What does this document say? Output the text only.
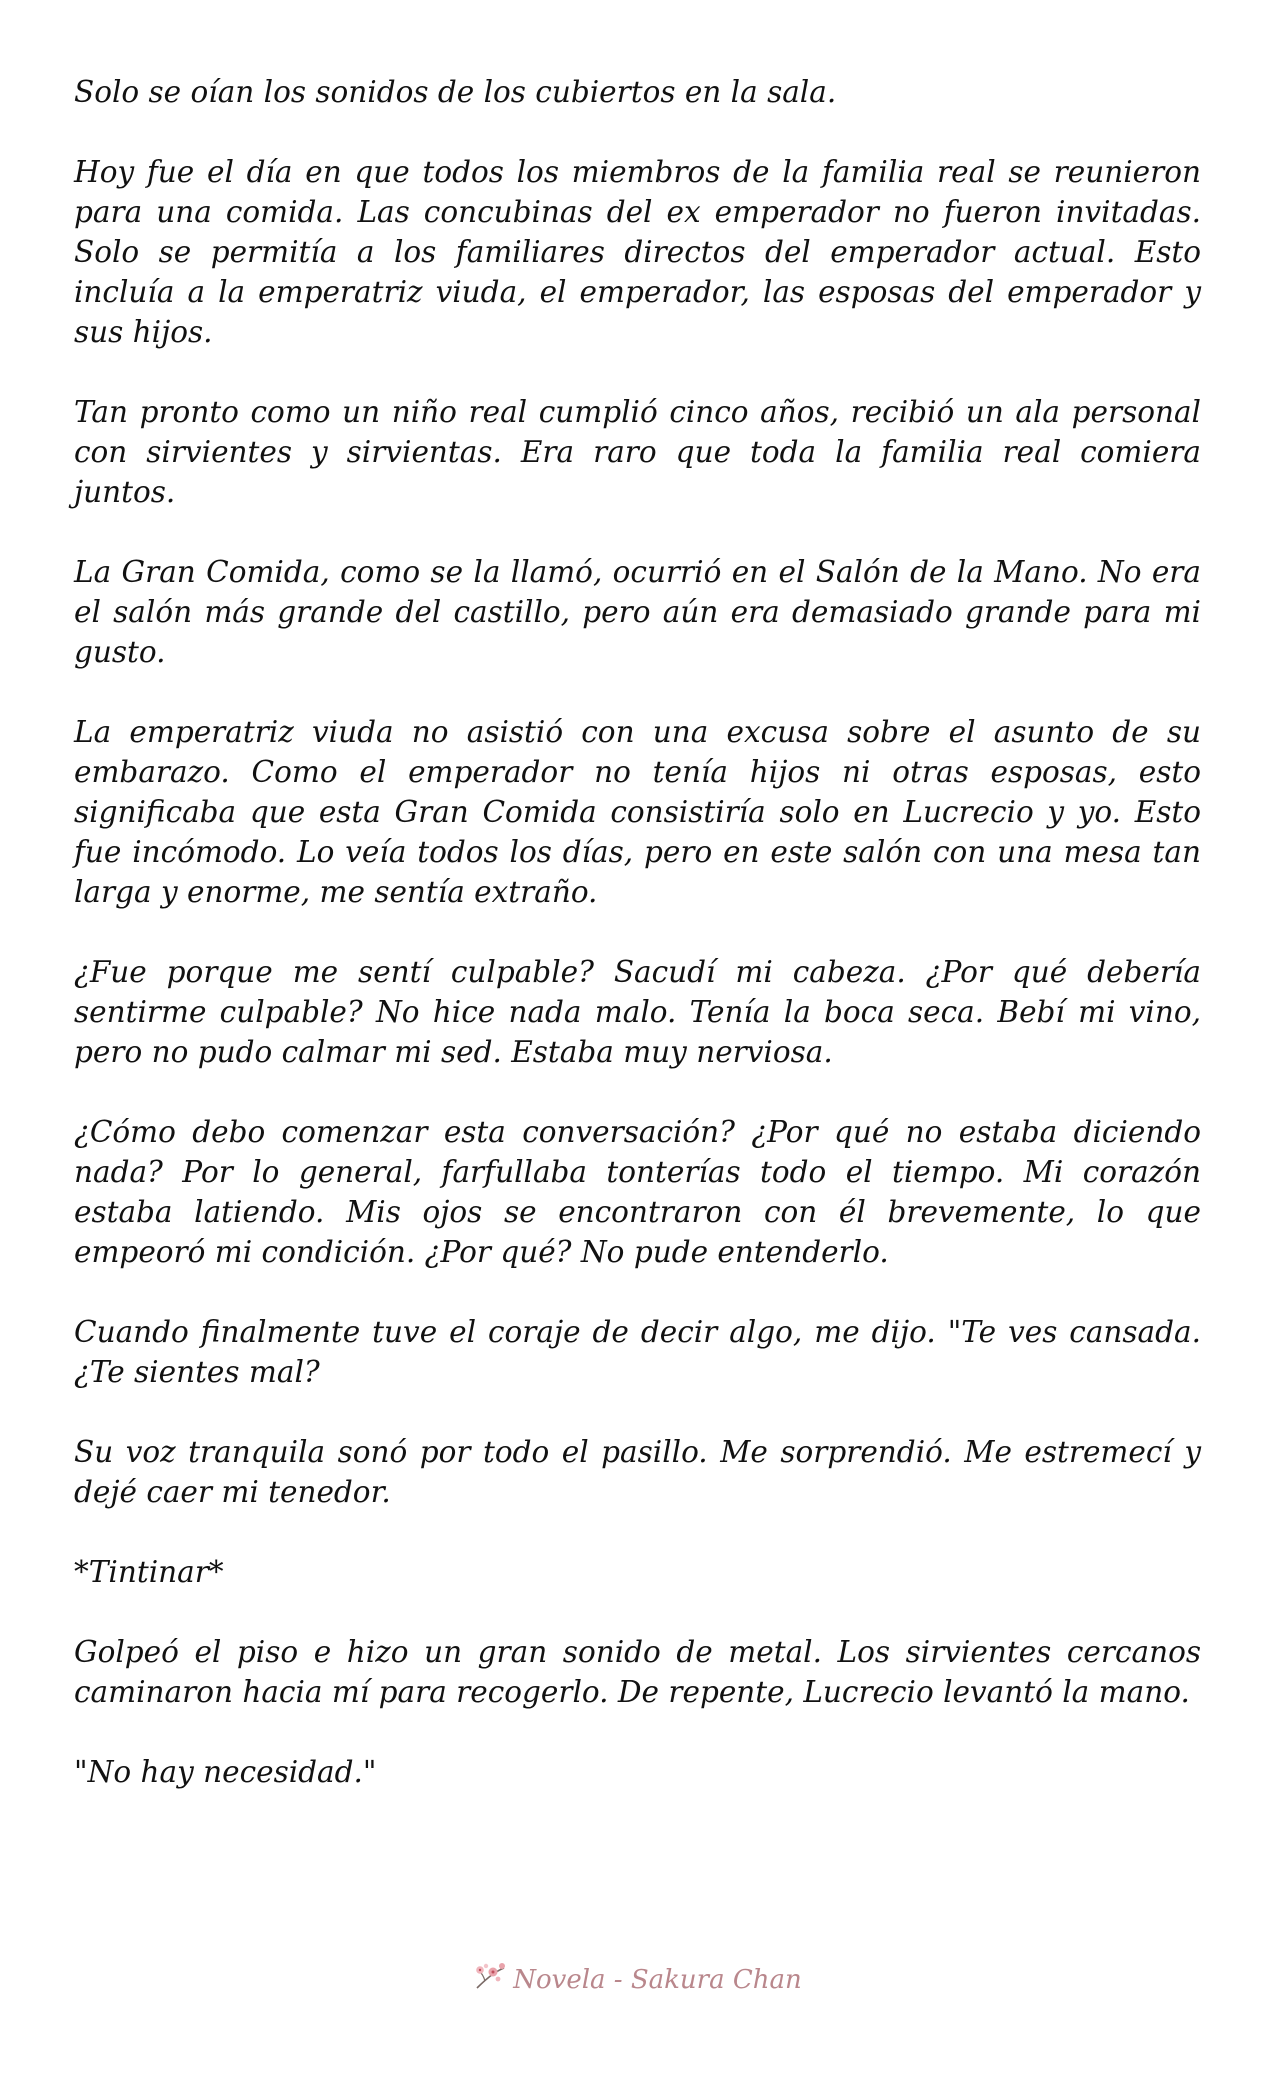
Solo se oían los sonidos de los cubiertos en la sala.

Hoy fue el día en que todos los miembros de la familia real se reunieron para una comida. Las concubinas del ex emperador no fueron invitadas. Solo se permitía a los familiares directos del emperador actual. Esto incluía a la emperatriz viuda, el emperador, las esposas del emperador y sus hijos.

Tan pronto como un niño real cumplió cinco años, recibió un ala personal con sirvientes y sirvientas. Era raro que toda la familia real comiera juntos.

La Gran Comida, como se la llamó, ocurrió en el Salón de la Mano. No era el salón más grande del castillo, pero aún era demasiado grande para mi gusto.

La emperatriz viuda no asistió con una excusa sobre el asunto de su embarazo. Como el emperador no tenía hijos ni otras esposas, esto significaba que esta Gran Comida consistiría solo en Lucrecio y yo. Esto fue incómodo. Lo veía todos los días, pero en este salón con una mesa tan larga y enorme, me sentía extraño.

¿Fue porque me sentí culpable? Sacudí mi cabeza. ¿Por qué debería sentirme culpable? No hice nada malo. Tenía la boca seca. Bebí mi vino, pero no pudo calmar mi sed. Estaba muy nerviosa.

¿Cómo debo comenzar esta conversación? ¿Por qué no estaba diciendo nada? Por lo general, farfullaba tonterías todo el tiempo. Mi corazón estaba latiendo. Mis ojos se encontraron con él brevemente, lo que empeoró mi condición. ¿Por qué? No pude entenderlo.

Cuando finalmente tuve el coraje de decir algo, me dijo. "Te ves cansada. ¿Te sientes mal?

Su voz tranquila sonó por todo el pasillo. Me sorprendió. Me estremecí y dejé caer mi tenedor.

*Tintinar*

Golpeó el piso e hizo un gran sonido de metal. Los sirvientes cercanos caminaron hacia mí para recogerlo. De repente, Lucrecio levantó la mano.

"No hay necesidad."

Novela - Sakura Chan
